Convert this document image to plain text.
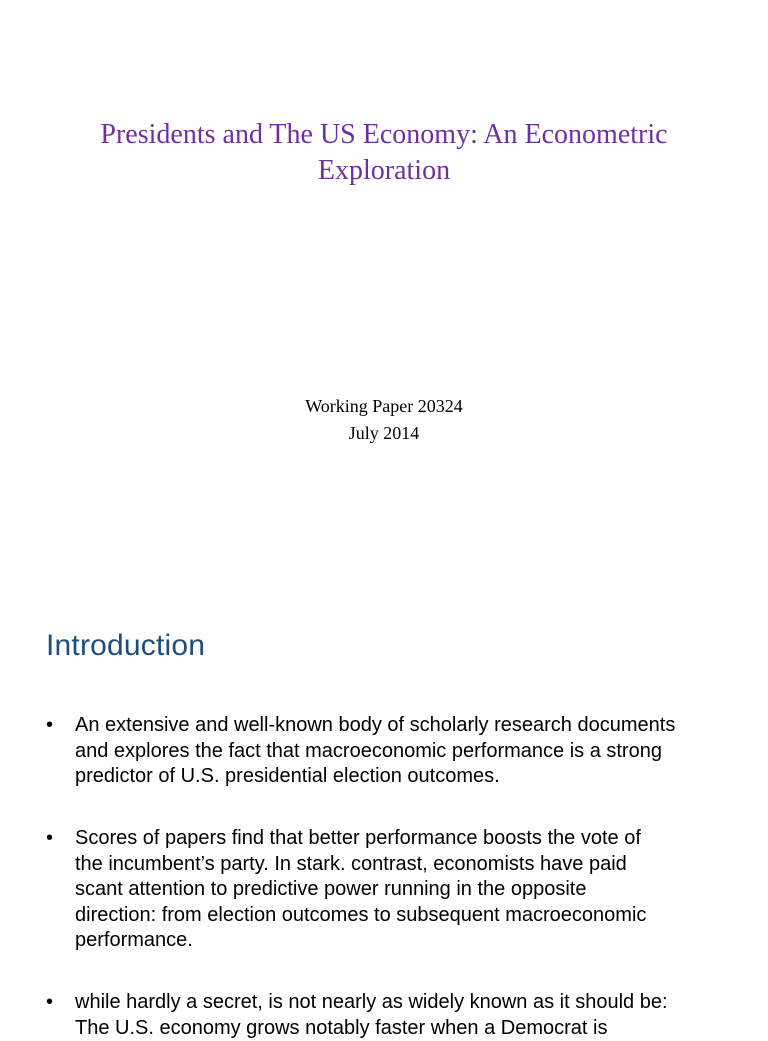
Presidents and The US Economy: An Econometric
Exploration
Working Paper 20324
July 2014
Introduction
•	An extensive and well-known body of scholarly research documents
and explores the fact that macroeconomic performance is a strong
predictor of U.S. presidential election outcomes.
•	Scores of papers find that better performance boosts the vote of
the incumbent’s party. In stark. contrast, economists have paid
scant attention to predictive power running in the opposite
direction: from election outcomes to subsequent macroeconomic
performance.
•	while hardly a secret, is not nearly as widely known as it should be:
The U.S. economy grows notably faster when a Democrat is
